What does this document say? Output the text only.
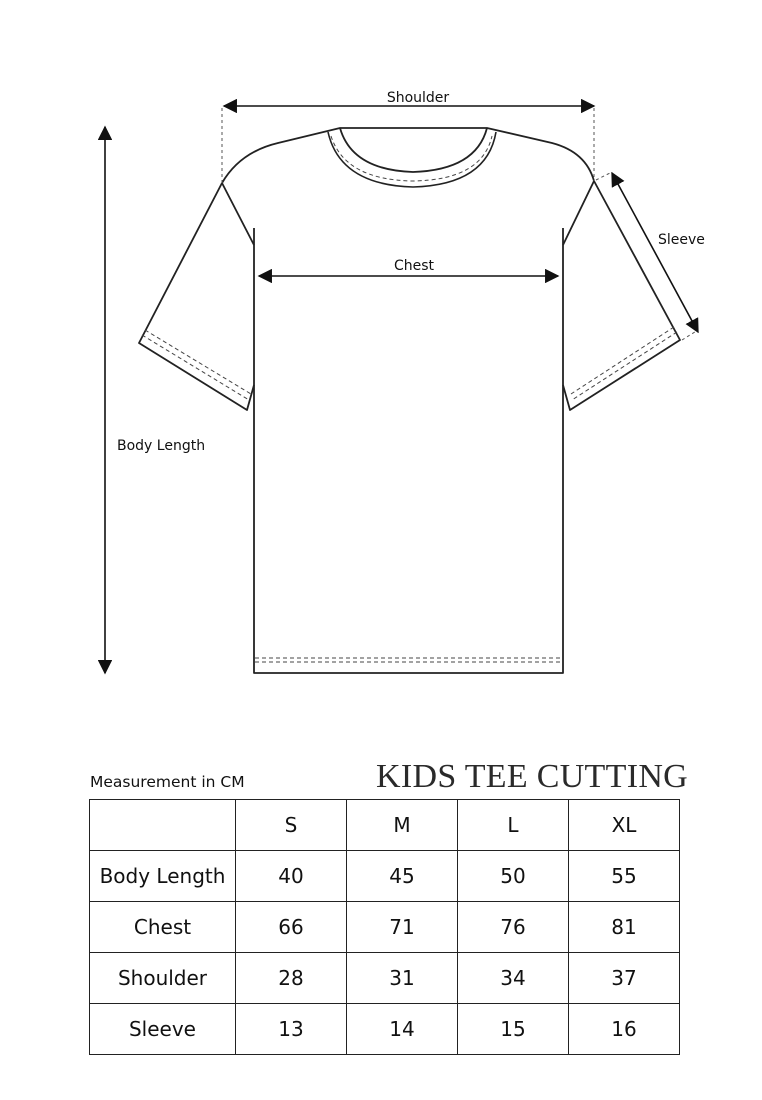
Shoulder
Chest
Sleeve
Body Length
Measurement in CM	KIDS TEE CUTTING
	S	M	L	XL
Body Length	40	45	50	55
Chest	66	71	76	81
Shoulder	28	31	34	37
Sleeve	13	14	15	16
